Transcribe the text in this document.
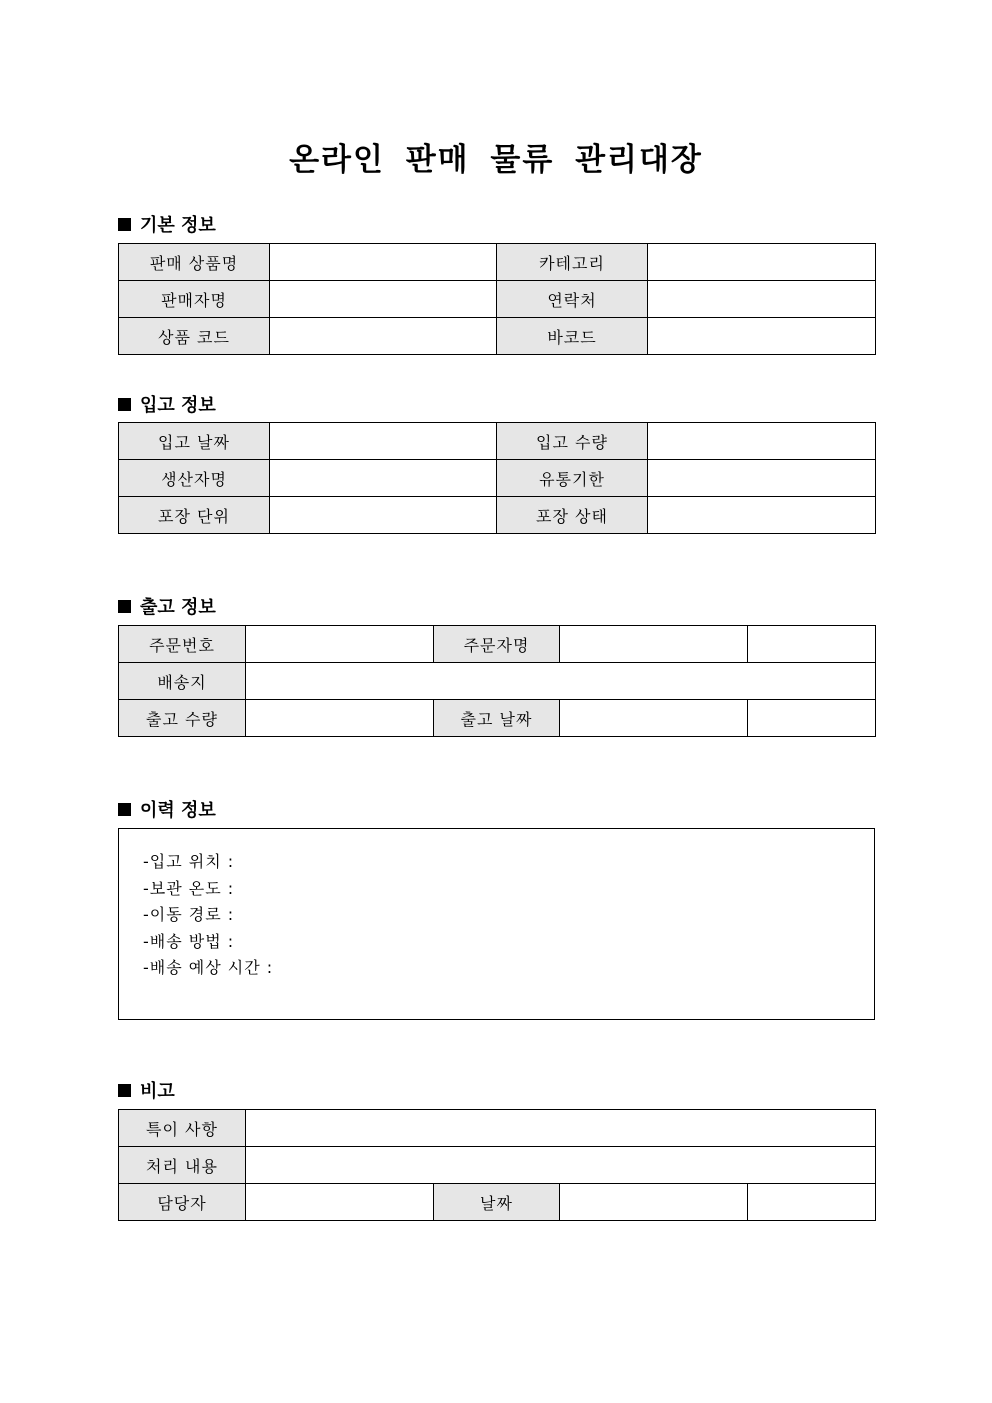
온라인 판매 물류 관리대장
기본 정보
판매 상품명		카테고리	
판매자명		연락처	
상품 코드		바코드	
입고 정보
입고 날짜		입고 수량	
생산자명		유통기한	
포장 단위		포장 상태	
출고 정보
주문번호		주문자명		
배송지				
출고 수량		출고 날짜		
이력 정보
-입고 위치 :
-보관 온도 :
-이동 경로 :
-배송 방법 :
-배송 예상 시간 :
비고
특이 사항				
처리 내용				
담당자		날짜		
